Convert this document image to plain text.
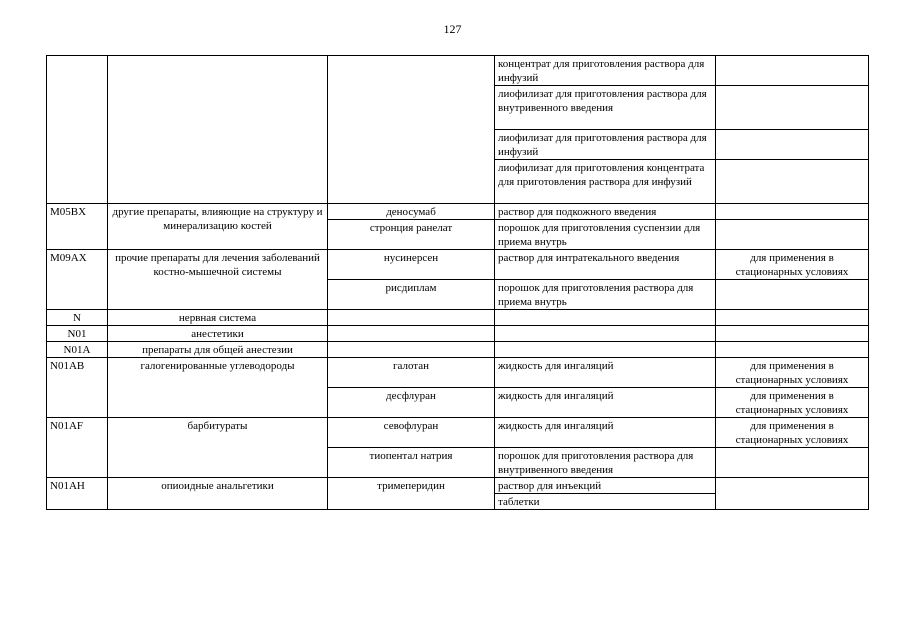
127
			концентрат для приготовления раствора для инфузий	
			лиофилизат для приготовления раствора для внутривенного введения	
			лиофилизат для приготовления раствора для инфузий	
			лиофилизат для приготовления концентрата для приготовления раствора для инфузий	
M05BX	другие препараты, влияющие на структуру и минерализацию костей	деносумаб	раствор для подкожного введения	
		стронция ранелат	порошок для приготовления суспензии для приема внутрь	
M09AX	прочие препараты для лечения заболеваний костно-мышечной системы	нусинерсен	раствор для интратекального введения	для применения в стационарных условиях
		рисдиплам	порошок для приготовления раствора для приема внутрь	
N	нервная система			
N01	анестетики			
N01A	препараты для общей анестезии			
N01AB	галогенированные углеводороды	галотан	жидкость для ингаляций	для применения в стационарных условиях
		десфлуран	жидкость для ингаляций	для применения в стационарных условиях
N01AF	барбитураты	севофлуран	жидкость для ингаляций	для применения в стационарных условиях
		тиопентал натрия	порошок для приготовления раствора для внутривенного введения	
N01AH	опиоидные анальгетики	тримеперидин	раствор для инъекций	
			таблетки	
